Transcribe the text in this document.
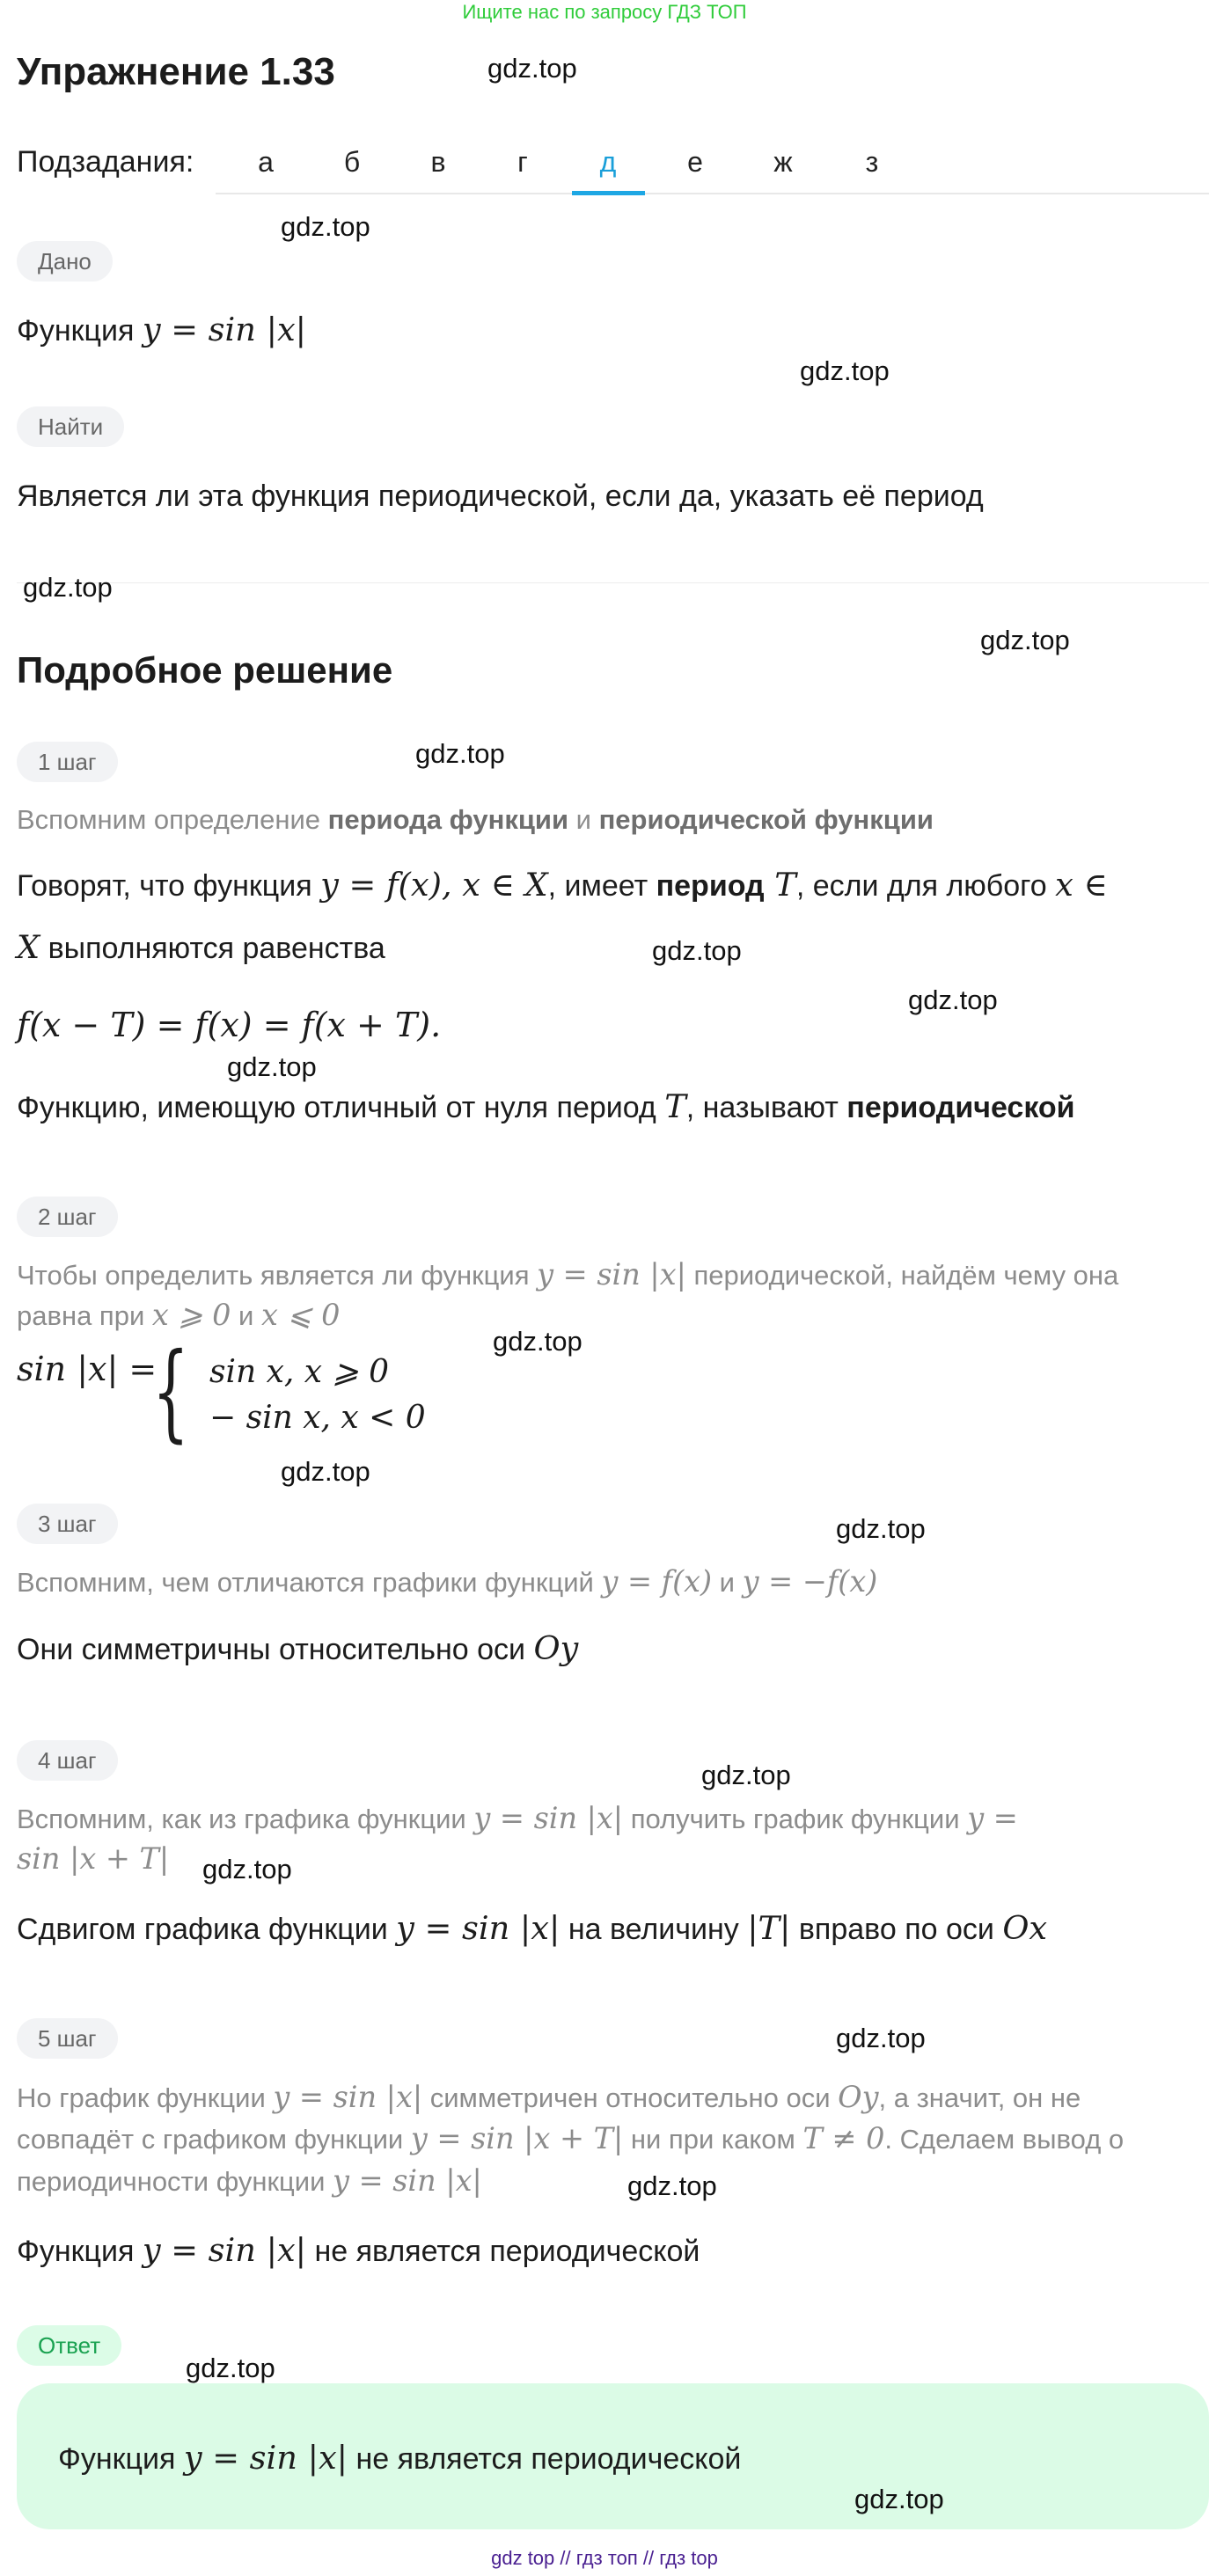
Ищите нас по запросу ГДЗ ТОП
Упражнение 1.33
Подзадания:	а	б	в	г	д	е	ж	з
Дано
Функция y = sin |x|
Найти
Является ли эта функция периодической, если да, указать её период
Подробное решение
1 шаг
Вспомним определение периода функции и периодической функции
Говорят, что функция y = f(x), x ∈ X, имеет период T, если для любого x ∈
X выполняются равенства
f(x − T) = f(x) = f(x + T).
Функцию, имеющую отличный от нуля период T, называют периодической
2 шаг
Чтобы определить является ли функция y = sin |x| периодической, найдём чему она
равна при x ⩾ 0 и x ⩽ 0
sin |x| =
{ sin x, x ⩾ 0
− sin x, x < 0
3 шаг
Вспомним, чем отличаются графики функций y = f(x) и y = −f(x)
Они симметричны относительно оси Oy
4 шаг
Вспомним, как из графика функции y = sin |x| получить график функции y =
sin |x + T|
Сдвигом графика функции y = sin |x| на величину |T| вправо по оси Ox
5 шаг
Но график функции y = sin |x| симметричен относительно оси Oy, а значит, он не
совпадёт с графиком функции y = sin |x + T| ни при каком T ≠ 0. Сделаем вывод о
периодичности функции y = sin |x|
Функция y = sin |x| не является периодической
Ответ
Функция y = sin |x| не является периодической
gdz top // гдз топ // гдз top
gdz.top
gdz.top
gdz.top
gdz.top
gdz.top
gdz.top
gdz.top
gdz.top
gdz.top
gdz.top
gdz.top
gdz.top
gdz.top
gdz.top
gdz.top
gdz.top
gdz.top
gdz.top
